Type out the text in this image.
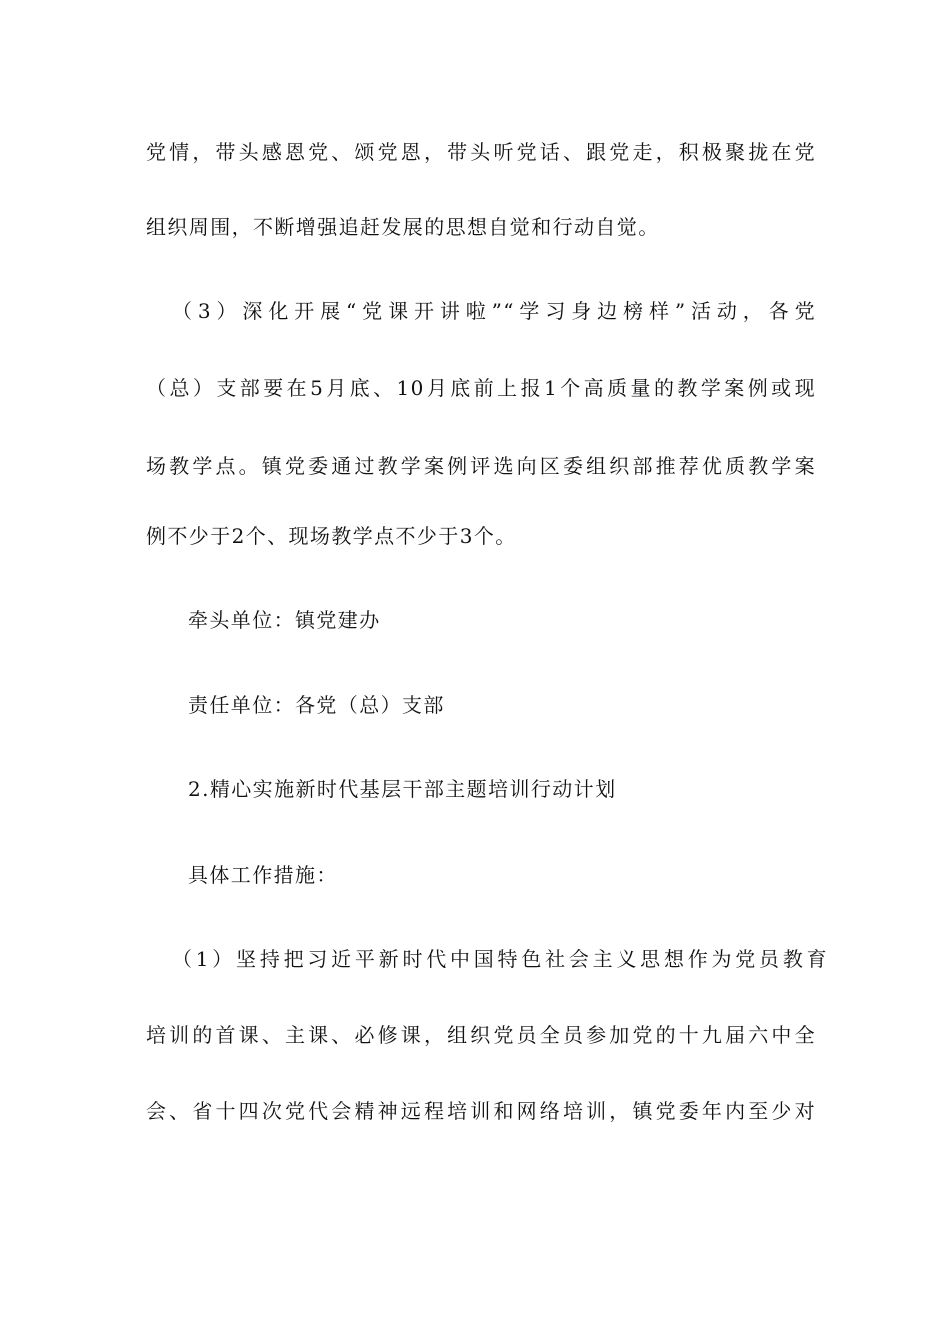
党情，带头感恩党、颂党恩，带头听党话、跟党走，积极聚拢在党
组织周围，不断增强追赶发展的思想自觉和行动自觉。
（3）深化开展“党课开讲啦”“学习身边榜样”活动，各党
（总）支部要在5月底、10月底前上报1个高质量的教学案例或现
场教学点。镇党委通过教学案例评选向区委组织部推荐优质教学案
例不少于2个、现场教学点不少于3个。
牵头单位：镇党建办
责任单位：各党（总）支部
2.精心实施新时代基层干部主题培训行动计划
具体工作措施：
（1）坚持把习近平新时代中国特色社会主义思想作为党员教育
培训的首课、主课、必修课，组织党员全员参加党的十九届六中全
会、省十四次党代会精神远程培训和网络培训，镇党委年内至少对
